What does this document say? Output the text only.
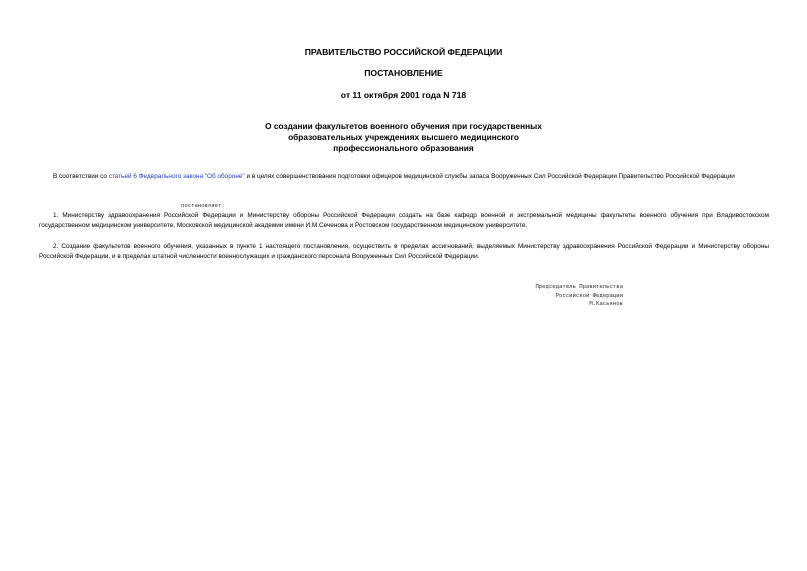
ПРАВИТЕЛЬСТВО РОССИЙСКОЙ ФЕДЕРАЦИИ
ПОСТАНОВЛЕНИЕ
от 11 октября 2001 года N 718
О создании факультетов военного обучения при государственных
образовательных учреждениях высшего медицинского
профессионального образования
В соответствии со статьей 6 Федерального закона "Об обороне" и в целях совершенствования подготовки офицеров медицинской службы запаса Вооруженных Сил Российской Федерации Правительство Российской Федерации
постановляет:
1. Министерству здравоохранения Российской Федерации и Министерству обороны Российской Федерации создать на базе кафедр военной и экстремальной медицины факультеты военного обучения при Владивостокском государственном медицинском университете, Московской медицинской академии имени И.М.Сеченова и Ростовском государственном медицинском университете.
2. Создание факультетов военного обучения, указанных в пункте 1 настоящего постановления, осуществить в пределах ассигнований, выделяемых Министерству здравоохранения Российской Федерации и Министерству обороны Российской Федерации, и в пределах штатной численности военнослужащих и гражданского персонала Вооруженных Сил Российской Федерации.
Председатель Правительства
Российской Федерации
М.Касьянов
